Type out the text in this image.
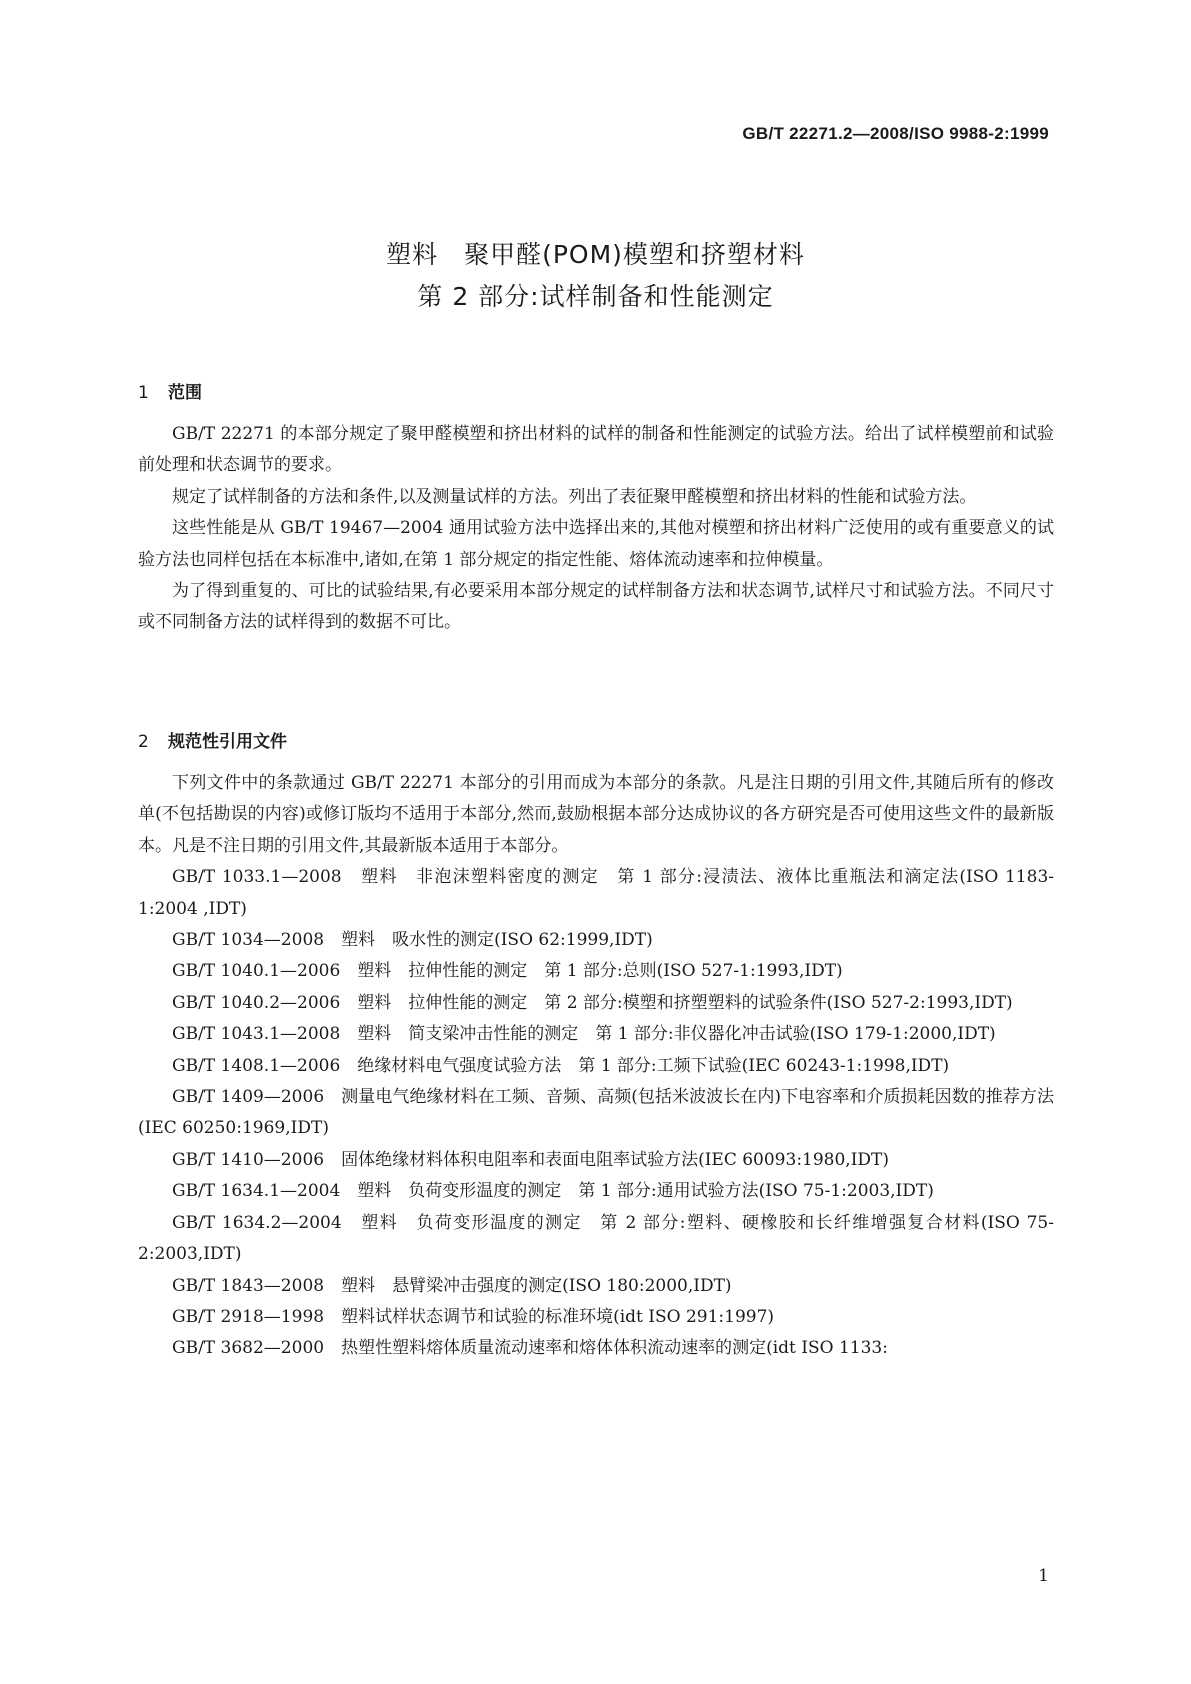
GB/T 22271.2—2008/ISO 9988-2:1999
塑料　聚甲醛(POM)模塑和挤塑材料
第 2 部分:试样制备和性能测定
1 范围

GB/T 22271 的本部分规定了聚甲醛模塑和挤出材料的试样的制备和性能测定的试验方法。给出了试样模塑前和试验前处理和状态调节的要求。

规定了试样制备的方法和条件,以及测量试样的方法。列出了表征聚甲醛模塑和挤出材料的性能和试验方法。

这些性能是从 GB/T 19467—2004 通用试验方法中选择出来的,其他对模塑和挤出材料广泛使用的或有重要意义的试验方法也同样包括在本标准中,诸如,在第 1 部分规定的指定性能、熔体流动速率和拉伸模量。

为了得到重复的、可比的试验结果,有必要采用本部分规定的试样制备方法和状态调节,试样尺寸和试验方法。不同尺寸或不同制备方法的试样得到的数据不可比。

2 规范性引用文件

下列文件中的条款通过 GB/T 22271 本部分的引用而成为本部分的条款。凡是注日期的引用文件,其随后所有的修改单(不包括勘误的内容)或修订版均不适用于本部分,然而,鼓励根据本部分达成协议的各方研究是否可使用这些文件的最新版本。凡是不注日期的引用文件,其最新版本适用于本部分。

GB/T 1033.1—2008　塑料　非泡沫塑料密度的测定　第 1 部分:浸渍法、液体比重瓶法和滴定法(ISO 1183-1:2004 ,IDT)

GB/T 1034—2008　塑料　吸水性的测定(ISO 62:1999,IDT)

GB/T 1040.1—2006　塑料　拉伸性能的测定　第 1 部分:总则(ISO 527-1:1993,IDT)

GB/T 1040.2—2006　塑料　拉伸性能的测定　第 2 部分:模塑和挤塑塑料的试验条件(ISO 527-2:1993,IDT)

GB/T 1043.1—2008　塑料　简支梁冲击性能的测定　第 1 部分:非仪器化冲击试验(ISO 179-1:2000,IDT)

GB/T 1408.1—2006　绝缘材料电气强度试验方法　第 1 部分:工频下试验(IEC 60243-1:1998,IDT)

GB/T 1409—2006　测量电气绝缘材料在工频、音频、高频(包括米波波长在内)下电容率和介质损耗因数的推荐方法(IEC 60250:1969,IDT)

GB/T 1410—2006　固体绝缘材料体积电阻率和表面电阻率试验方法(IEC 60093:1980,IDT)

GB/T 1634.1—2004　塑料　负荷变形温度的测定　第 1 部分:通用试验方法(ISO 75-1:2003,IDT)

GB/T 1634.2—2004　塑料　负荷变形温度的测定　第 2 部分:塑料、硬橡胶和长纤维增强复合材料(ISO 75-2:2003,IDT)

GB/T 1843—2008　塑料　悬臂梁冲击强度的测定(ISO 180:2000,IDT)

GB/T 2918—1998　塑料试样状态调节和试验的标准环境(idt ISO 291:1997)

GB/T 3682—2000　热塑性塑料熔体质量流动速率和熔体体积流动速率的测定(idt ISO 1133:

1
